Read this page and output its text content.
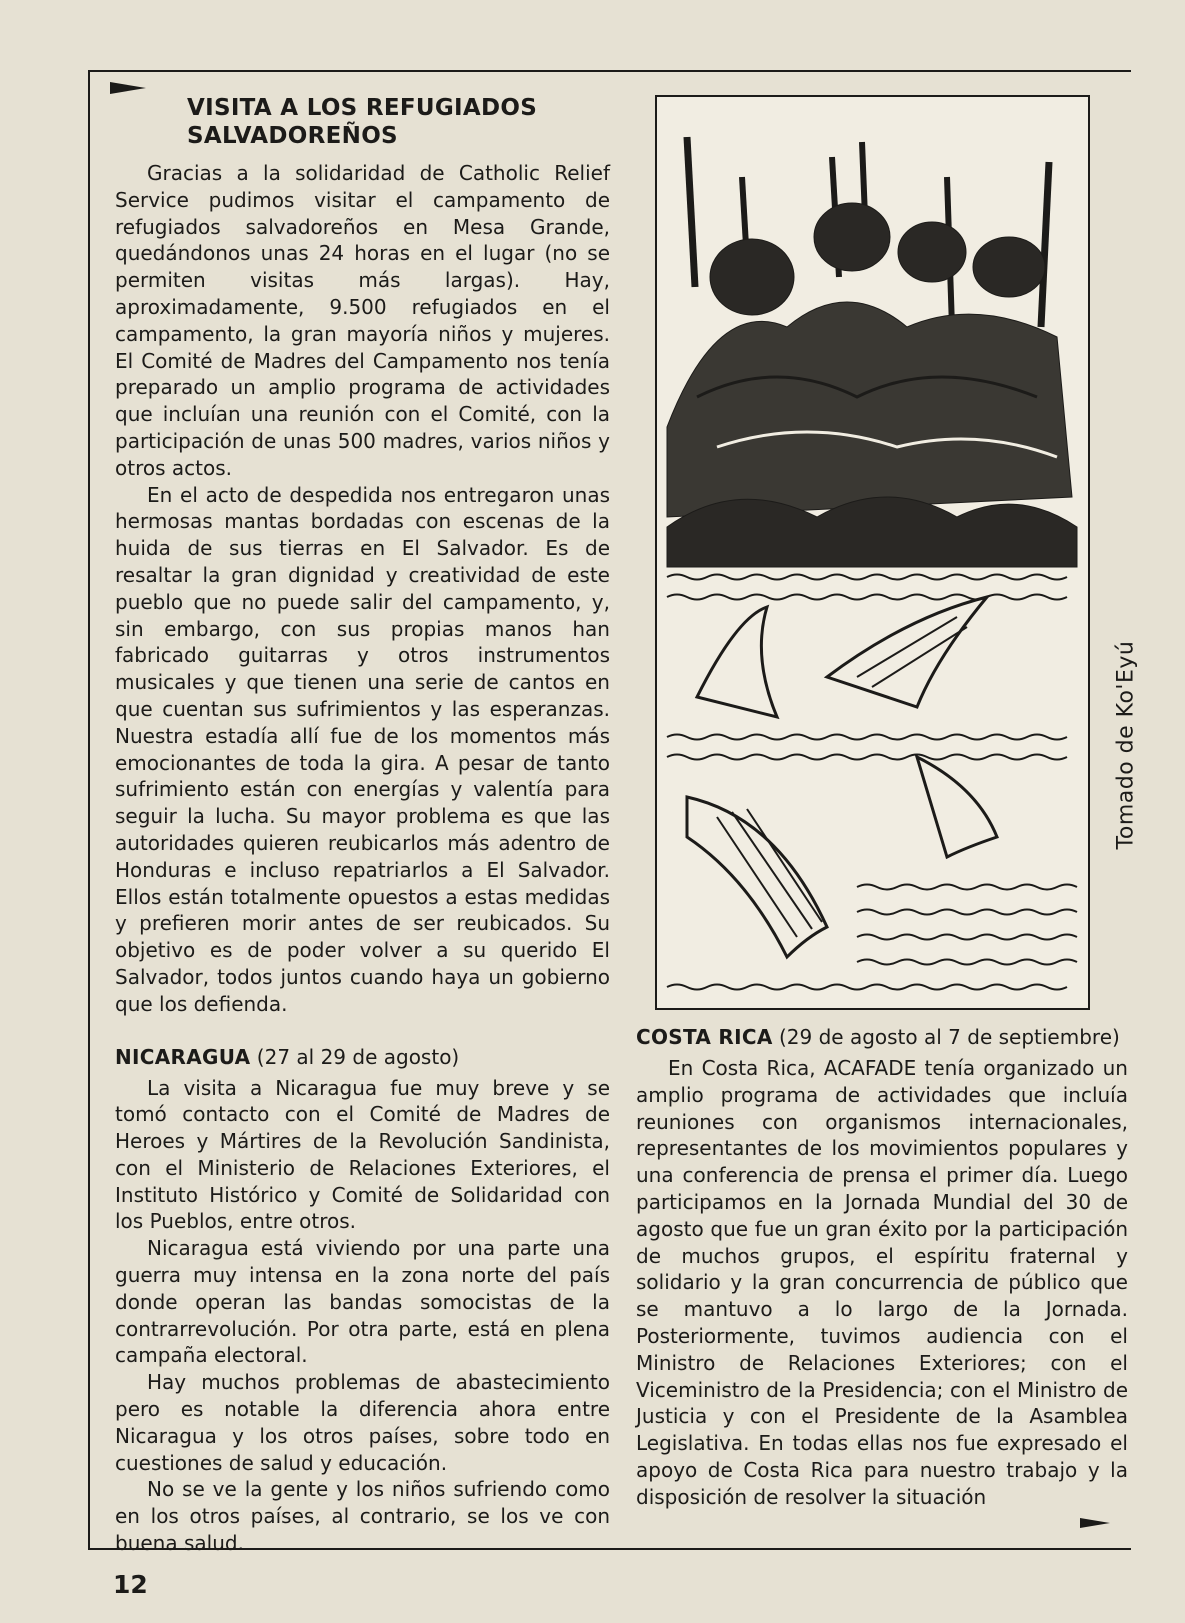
VISITA A LOS REFUGIADOS
SALVADOREÑOS

Gracias a la solidaridad de Catholic Relief Service pudimos visitar el campamento de refugiados salvadoreños en Mesa Grande, quedándonos unas 24 horas en el lugar (no se permiten visitas más largas). Hay, aproximadamente, 9.500 refugiados en el campamento, la gran mayoría niños y mujeres. El Comité de Madres del Campamento nos tenía preparado un amplio programa de actividades que incluían una reunión con el Comité, con la participación de unas 500 madres, varios niños y otros actos.

En el acto de despedida nos entregaron unas hermosas mantas bordadas con escenas de la huida de sus tierras en El Salvador. Es de resaltar la gran dignidad y creatividad de este pueblo que no puede salir del campamento, y, sin embargo, con sus propias manos han fabricado guitarras y otros instrumentos musicales y que tienen una serie de cantos en que cuentan sus sufrimientos y las esperanzas. Nuestra estadía allí fue de los momentos más emocionantes de toda la gira. A pesar de tanto sufrimiento están con energías y valentía para seguir la lucha. Su mayor problema es que las autoridades quieren reubicarlos más adentro de Honduras e incluso repatriarlos a El Salvador. Ellos están totalmente opuestos a estas medidas y prefieren morir antes de ser reubicados. Su objetivo es de poder volver a su querido El Salvador, todos juntos cuando haya un gobierno que los defienda.

NICARAGUA (27 al 29 de agosto)

La visita a Nicaragua fue muy breve y se tomó contacto con el Comité de Madres de Heroes y Mártires de la Revolución Sandinista, con el Ministerio de Relaciones Exteriores, el Instituto Histórico y Comité de Solidaridad con los Pueblos, entre otros.

Nicaragua está viviendo por una parte una guerra muy intensa en la zona norte del país donde operan las bandas somocistas de la contrarrevolución. Por otra parte, está en plena campaña electoral.

Hay muchos problemas de abastecimiento pero es notable la diferencia ahora entre Nicaragua y los otros países, sobre todo en cuestiones de salud y educación.

No se ve la gente y los niños sufriendo como en los otros países, al contrario, se los ve con buena salud.

Tomado de Ko'Eyú
COSTA RICA (29 de agosto al 7 de septiembre)

En Costa Rica, ACAFADE tenía organizado un amplio programa de actividades que incluía reuniones con organismos internacionales, representantes de los movimientos populares y una conferencia de prensa el primer día. Luego participamos en la Jornada Mundial del 30 de agosto que fue un gran éxito por la participación de muchos grupos, el espíritu fraternal y solidario y la gran concurrencia de público que se mantuvo a lo largo de la Jornada. Posteriormente, tuvimos audiencia con el Ministro de Relaciones Exteriores; con el Viceministro de la Presidencia; con el Ministro de Justicia y con el Presidente de la Asamblea Legislativa. En todas ellas nos fue expresado el apoyo de Costa Rica para nuestro trabajo y la disposición de resolver la situación

12
